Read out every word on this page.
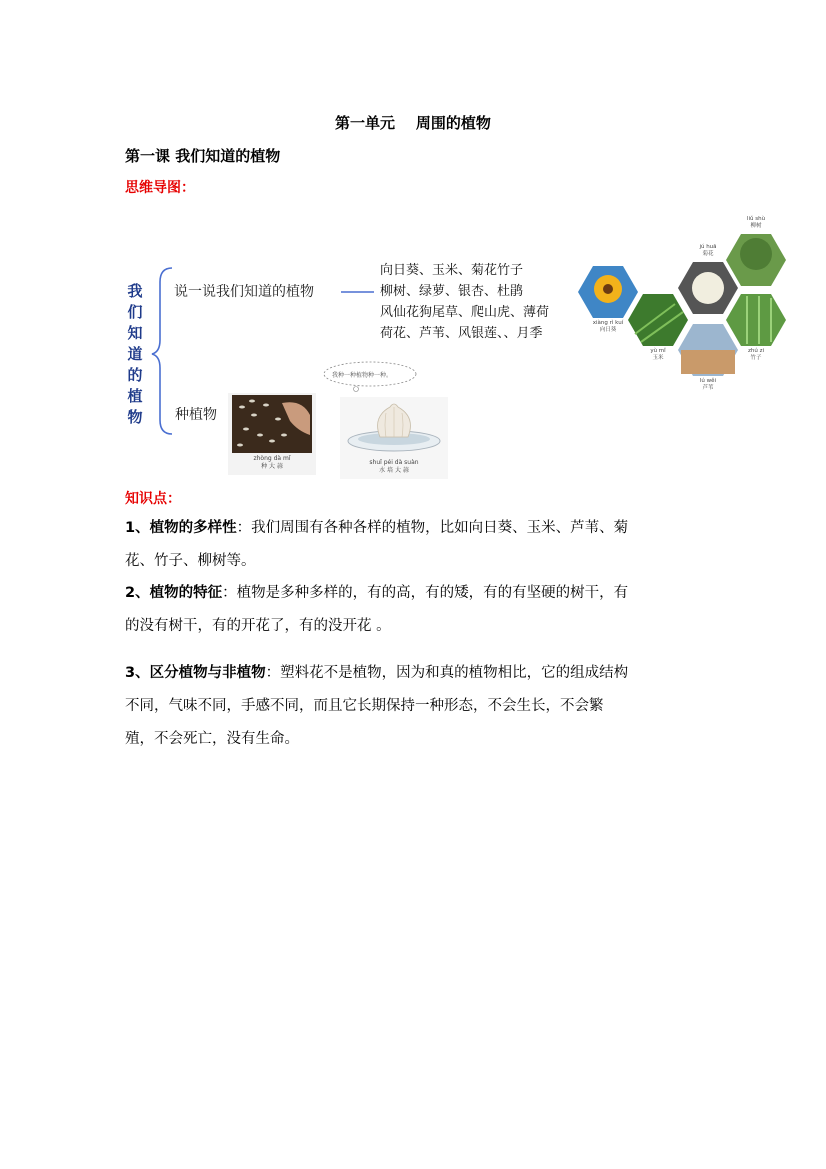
第一单元    周围的植物
第一课 我们知道的植物
思维导图：
我
们
知
道
的
植
物
说一说我们知道的植物
种植物
向日葵、玉米、菊花竹子
柳树、绿萝、银杏、杜鹃
风仙花狗尾草、爬山虎、薄荷
荷花、芦苇、风银莲、、月季
zhòng dà mǐ
种 大 蒜
我种一种植物种一种。
shuǐ péi dà suàn
水 培 大 蒜
liǔ shù
柳树
jú huā
菊花
xiàng rì kuí
向日葵
yù mǐ
玉米
zhú zi
竹子
lú wěi
芦苇
知识点：
1、植物的多样性：我们周围有各种各样的植物，比如向日葵、玉米、芦苇、菊
花、竹子、柳树等。
2、植物的特征：植物是多种多样的，有的高，有的矮，有的有坚硬的树干，有
的没有树干，有的开花了，有的没开花 。
3、区分植物与非植物：塑料花不是植物，因为和真的植物相比，它的组成结构
不同，气味不同，手感不同，而且它长期保持一种形态，不会生长，不会繁
殖，不会死亡，没有生命。
